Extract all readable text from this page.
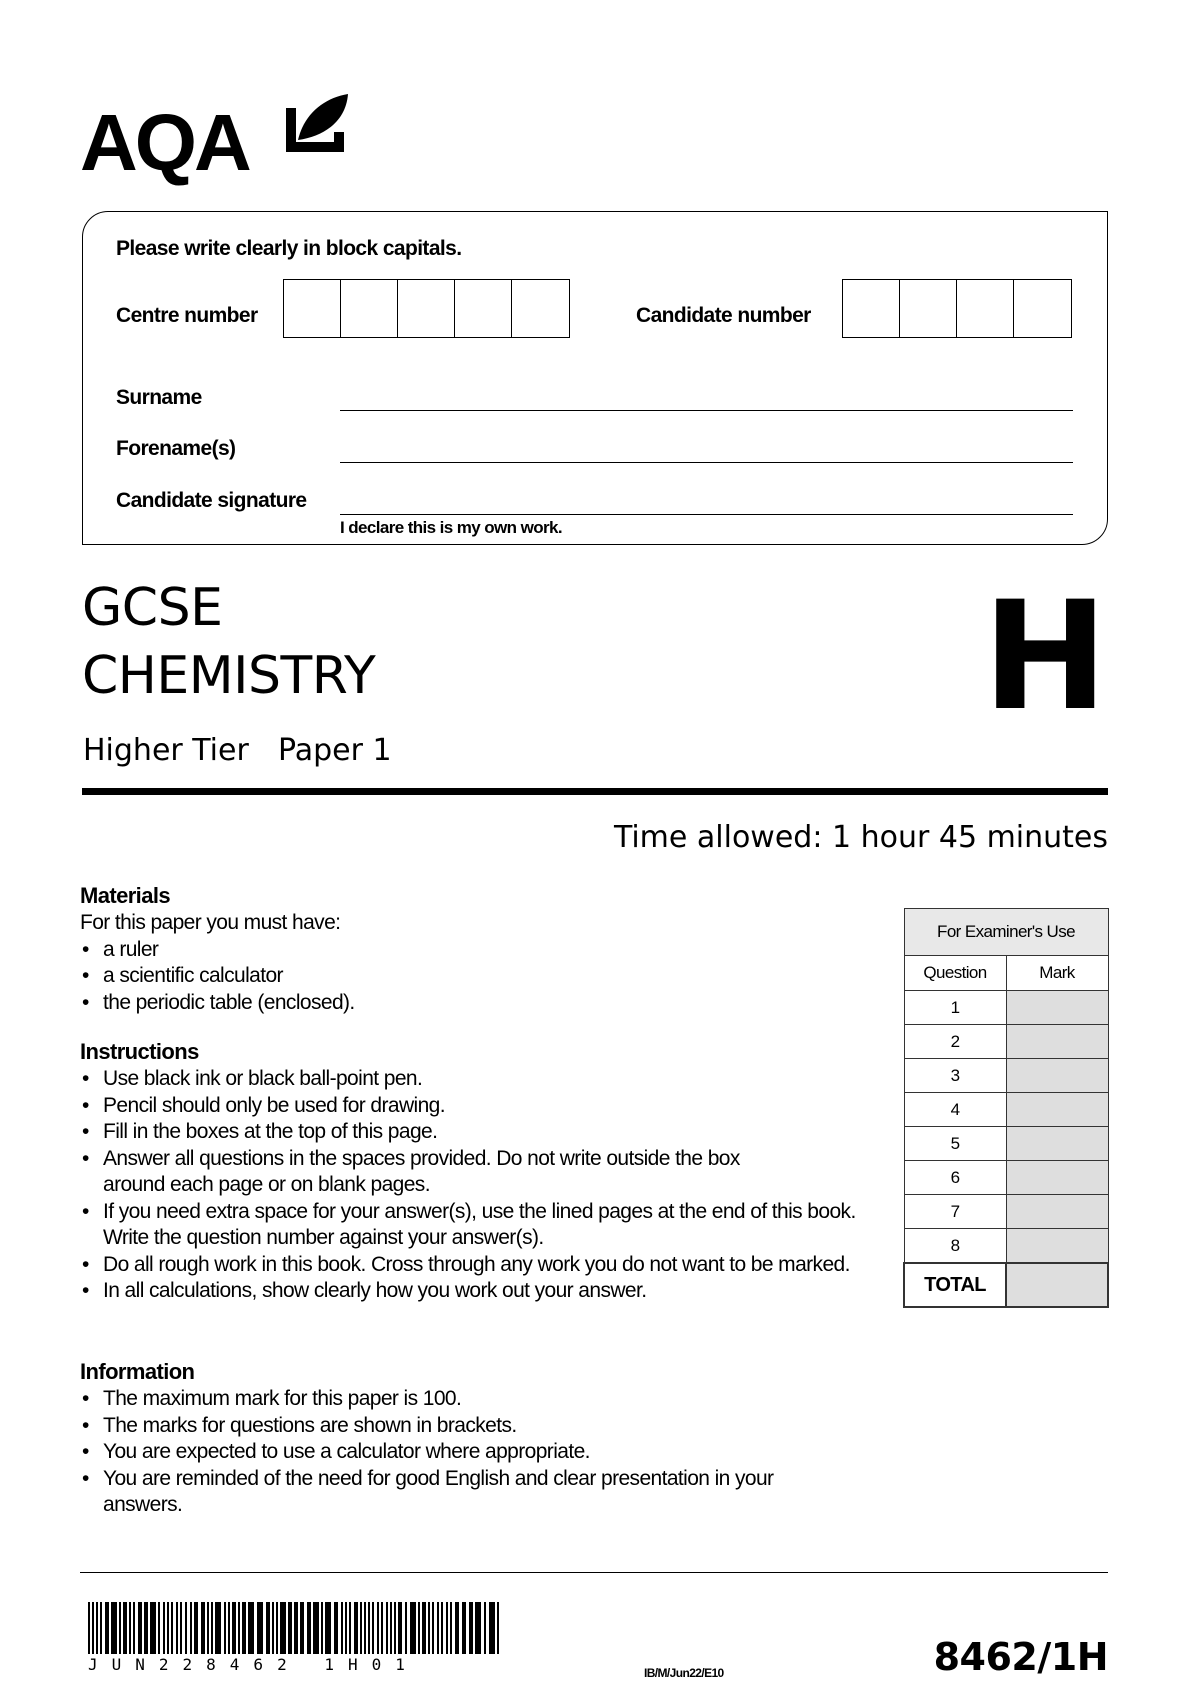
AQA
Please write clearly in block capitals.
Centre number	Candidate number
Surname
Forename(s)
Candidate signature
I declare this is my own work.
GCSE
CHEMISTRY
Higher Tier Paper 1
H
Time allowed: 1 hour 45 minutes
Materials

For this paper you must have:

• a ruler
• a scientific calculator
• the periodic table (enclosed).
Instructions
• Use black ink or black ball-point pen.
• Pencil should only be used for drawing.
• Fill in the boxes at the top of this page.
• Answer all questions in the spaces provided. Do not write outside the box around each page or on blank pages.
• If you need extra space for your answer(s), use the lined pages at the end of this book. Write the question number against your answer(s).
• Do all rough work in this book. Cross through any work you do not want to be marked.
• In all calculations, show clearly how you work out your answer.
Information
• The maximum mark for this paper is 100.
• The marks for questions are shown in brackets.
• You are expected to use a calculator where appropriate.
• You are reminded of the need for good English and clear presentation in your answers.
For Examiner's Use	
Question	Mark
1	
2	
3	
4	
5	
6	
7	
8	
TOTAL	
JUN228462 1H01	IB/M/Jun22/E10	8462/1H
